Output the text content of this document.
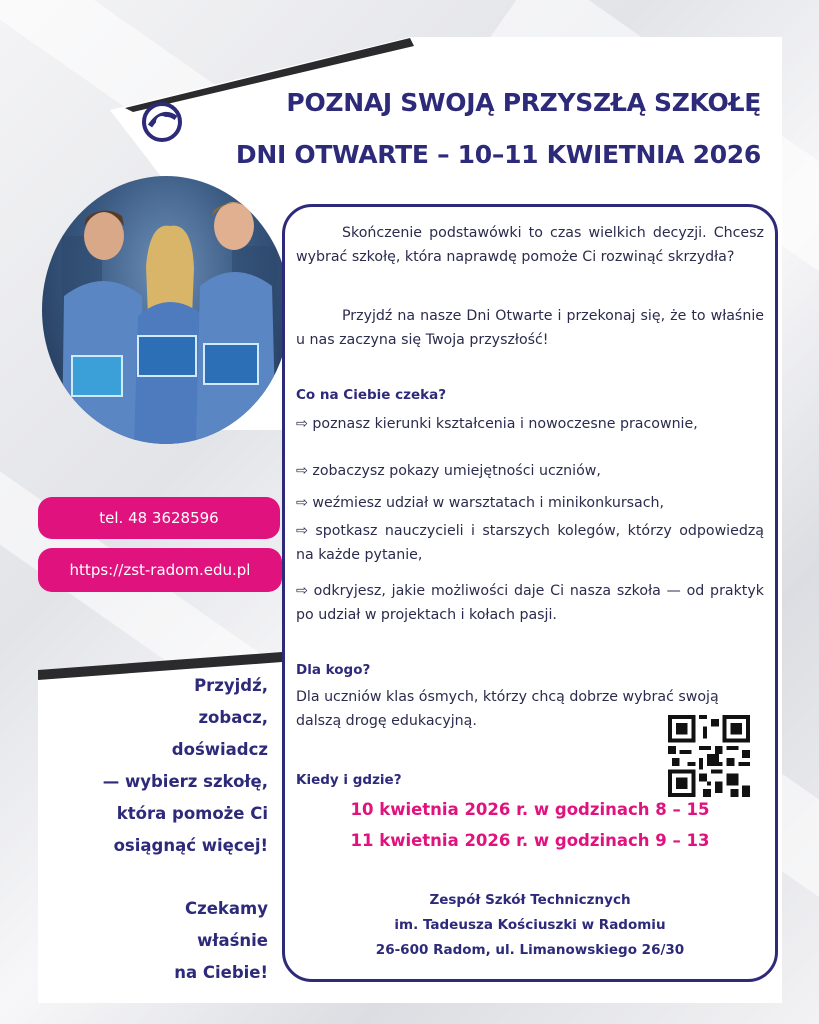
POZNAJ SWOJĄ PRZYSZŁĄ SZKOŁĘ
DNI OTWARTE – 10–11 KWIETNIA 2026
tel. 48 3628596
https://zst-radom.edu.pl
Przyjdź,
zobacz,
doświadcz
— wybierz szkołę,
która pomoże Ci
osiągnąć więcej!
Czekamy
właśnie
na Ciebie!
Skończenie podstawówki to czas wielkich decyzji. Chcesz wybrać szkołę, która naprawdę pomoże Ci rozwinąć skrzydła?
Przyjdź na nasze Dni Otwarte i przekonaj się, że to właśnie u nas zaczyna się Twoja przyszłość!
Co na Ciebie czeka?
⇨ poznasz kierunki kształcenia i nowoczesne pracownie,
⇨ zobaczysz pokazy umiejętności uczniów,
⇨ weźmiesz udział w warsztatach i minikonkursach,
⇨ spotkasz nauczycieli i starszych kolegów, którzy odpowiedzą na każde pytanie,
⇨ odkryjesz, jakie możliwości daje Ci nasza szkoła — od praktyk po udział w projektach i kołach pasji.
Dla kogo?
Dla uczniów klas ósmych, którzy chcą dobrze wybrać swoją dalszą drogę edukacyjną.
Kiedy i gdzie?
10 kwietnia 2026 r. w godzinach 8 – 15
11 kwietnia 2026 r. w godzinach 9 – 13
Zespół Szkół Technicznych
im. Tadeusza Kościuszki w Radomiu
26-600 Radom, ul. Limanowskiego 26/30
